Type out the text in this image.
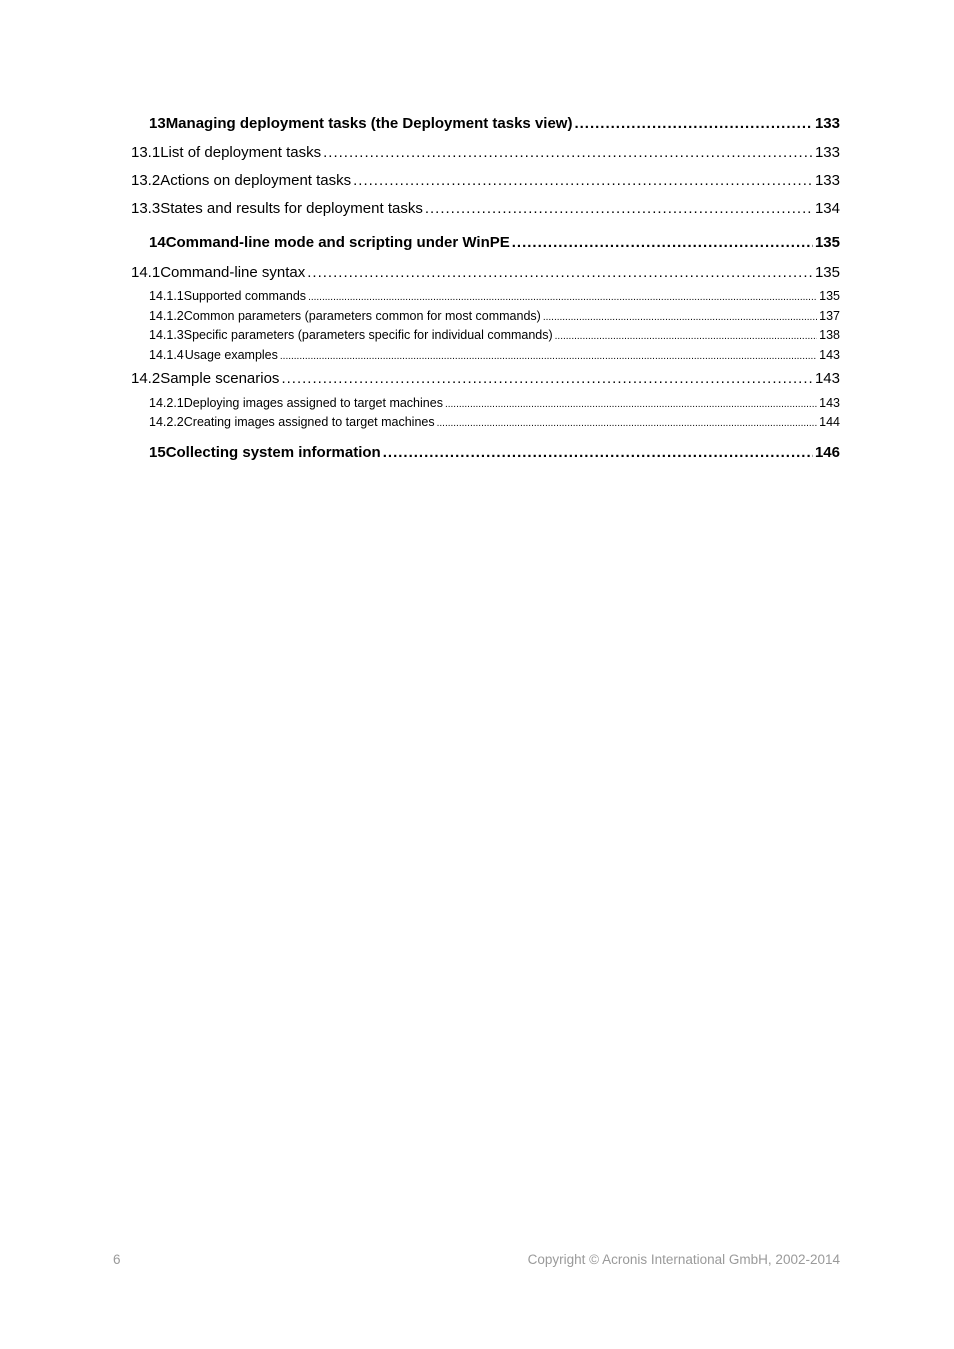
13 Managing deployment tasks (the Deployment tasks view) .....	133
13.1 List of deployment tasks .....	133
13.2 Actions on deployment tasks .....	133
13.3 States and results for deployment tasks .....	134
14 Command-line mode and scripting under WinPE .....	135
14.1 Command-line syntax .....	135
14.1.1 Supported commands .....	135
14.1.2 Common parameters (parameters common for most commands) .....	137
14.1.3 Specific parameters (parameters specific for individual commands) .....	138
14.1.4 Usage examples .....	143
14.2 Sample scenarios .....	143
14.2.1 Deploying images assigned to target machines .....	143
14.2.2 Creating images assigned to target machines .....	144
15 Collecting system information .....	146
6	Copyright © Acronis International GmbH, 2002-2014
